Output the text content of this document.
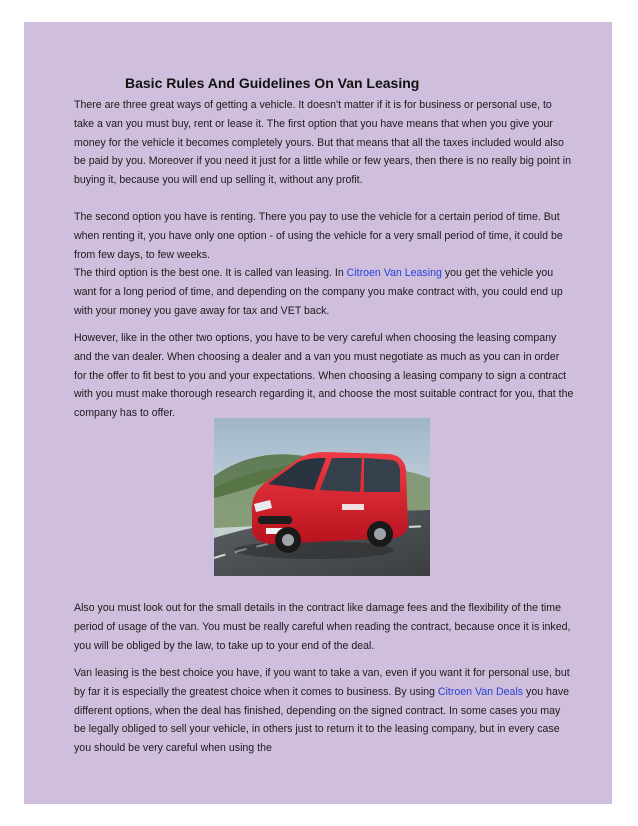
Basic Rules And Guidelines On Van Leasing

There are three great ways of getting a vehicle. It doesn't matter if it is for business or personal use, to take a van you must buy, rent or lease it. The first option that you have means that when you give your money for the vehicle it becomes completely yours. But that means that all the taxes included would also be paid by you. Moreover if you need it just for a little while or few years, then there is no really big point in buying it, because you will end up selling it, without any profit.

The second option you have is renting. There you pay to use the vehicle for a certain period of time. But when renting it, you have only one option - of using the vehicle for a very small period of time, it could be from few days, to few weeks.

The third option is the best one. It is called van leasing. In Citroen Van Leasing you get the vehicle you want for a long period of time, and depending on the company you make contract with, you could end up with your money you gave away for tax and VET back.

However, like in the other two options, you have to be very careful when choosing the leasing company and the van dealer. When choosing a dealer and a van you must negotiate as much as you can in order for the offer to fit best to you and your expectations. When choosing a leasing company to sign a contract with you must make thorough research regarding it, and choose the most suitable contract for you, that the company has to offer.

Also you must look out for the small details in the contract like damage fees and the flexibility of the time period of usage of the van. You must be really careful when reading the contract, because once it is inked, you will be obliged by the law, to take up to your end of the deal.

Van leasing is the best choice you have, if you want to take a van, even if you want it for personal use, but by far it is especially the greatest choice when it comes to business. By using Citroen Van Deals you have different options, when the deal has finished, depending on the signed contract. In some cases you may be legally obliged to sell your vehicle, in others just to return it to the leasing company, but in every case you should be very careful when using the
